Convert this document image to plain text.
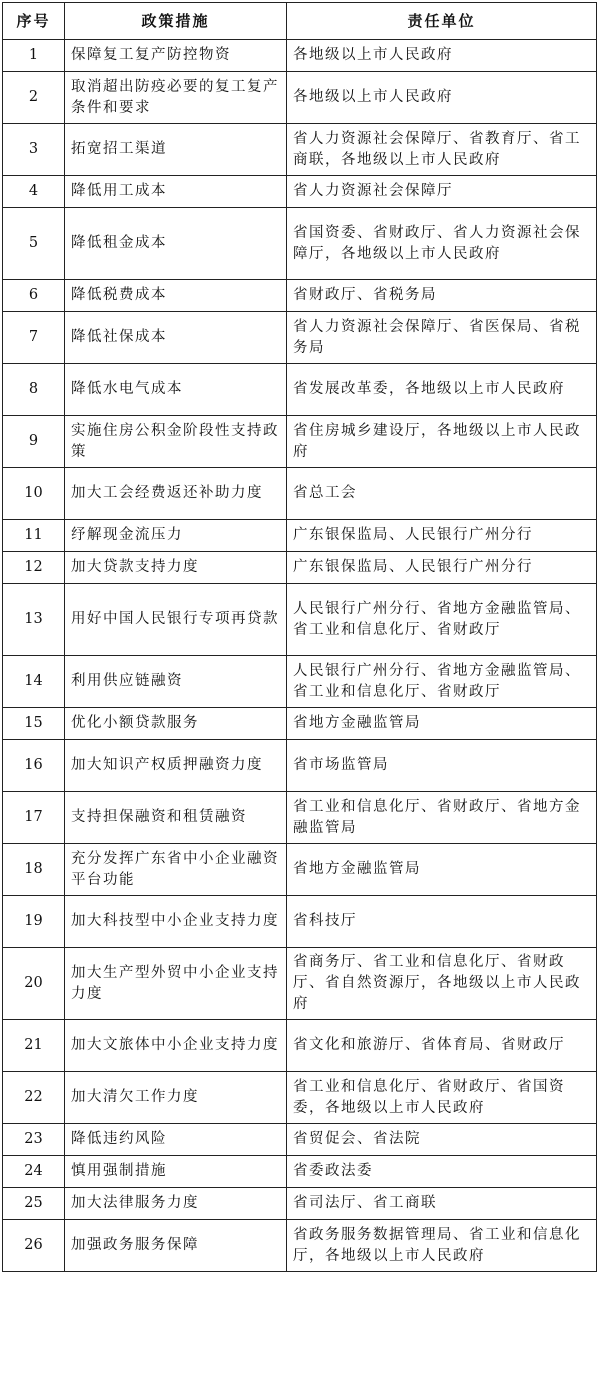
序号	政策措施	责任单位
1	保障复工复产防控物资	各地级以上市人民政府
2	取消超出防疫必要的复工复产条件和要求	各地级以上市人民政府
3	拓宽招工渠道	省人力资源社会保障厅、省教育厅、省工商联，各地级以上市人民政府
4	降低用工成本	省人力资源社会保障厅
5	降低租金成本	省国资委、省财政厅、省人力资源社会保障厅，各地级以上市人民政府
6	降低税费成本	省财政厅、省税务局
7	降低社保成本	省人力资源社会保障厅、省医保局、省税务局
8	降低水电气成本	省发展改革委，各地级以上市人民政府
9	实施住房公积金阶段性支持政策	省住房城乡建设厅，各地级以上市人民政府
10	加大工会经费返还补助力度	省总工会
11	纾解现金流压力	广东银保监局、人民银行广州分行
12	加大贷款支持力度	广东银保监局、人民银行广州分行
13	用好中国人民银行专项再贷款	人民银行广州分行、省地方金融监管局、省工业和信息化厅、省财政厅
14	利用供应链融资	人民银行广州分行、省地方金融监管局、省工业和信息化厅、省财政厅
15	优化小额贷款服务	省地方金融监管局
16	加大知识产权质押融资力度	省市场监管局
17	支持担保融资和租赁融资	省工业和信息化厅、省财政厅、省地方金融监管局
18	充分发挥广东省中小企业融资平台功能	省地方金融监管局
19	加大科技型中小企业支持力度	省科技厅
20	加大生产型外贸中小企业支持力度	省商务厅、省工业和信息化厅、省财政厅、省自然资源厅，各地级以上市人民政府
21	加大文旅体中小企业支持力度	省文化和旅游厅、省体育局、省财政厅
22	加大清欠工作力度	省工业和信息化厅、省财政厅、省国资委，各地级以上市人民政府
23	降低违约风险	省贸促会、省法院
24	慎用强制措施	省委政法委
25	加大法律服务力度	省司法厅、省工商联
26	加强政务服务保障	省政务服务数据管理局、省工业和信息化厅，各地级以上市人民政府
